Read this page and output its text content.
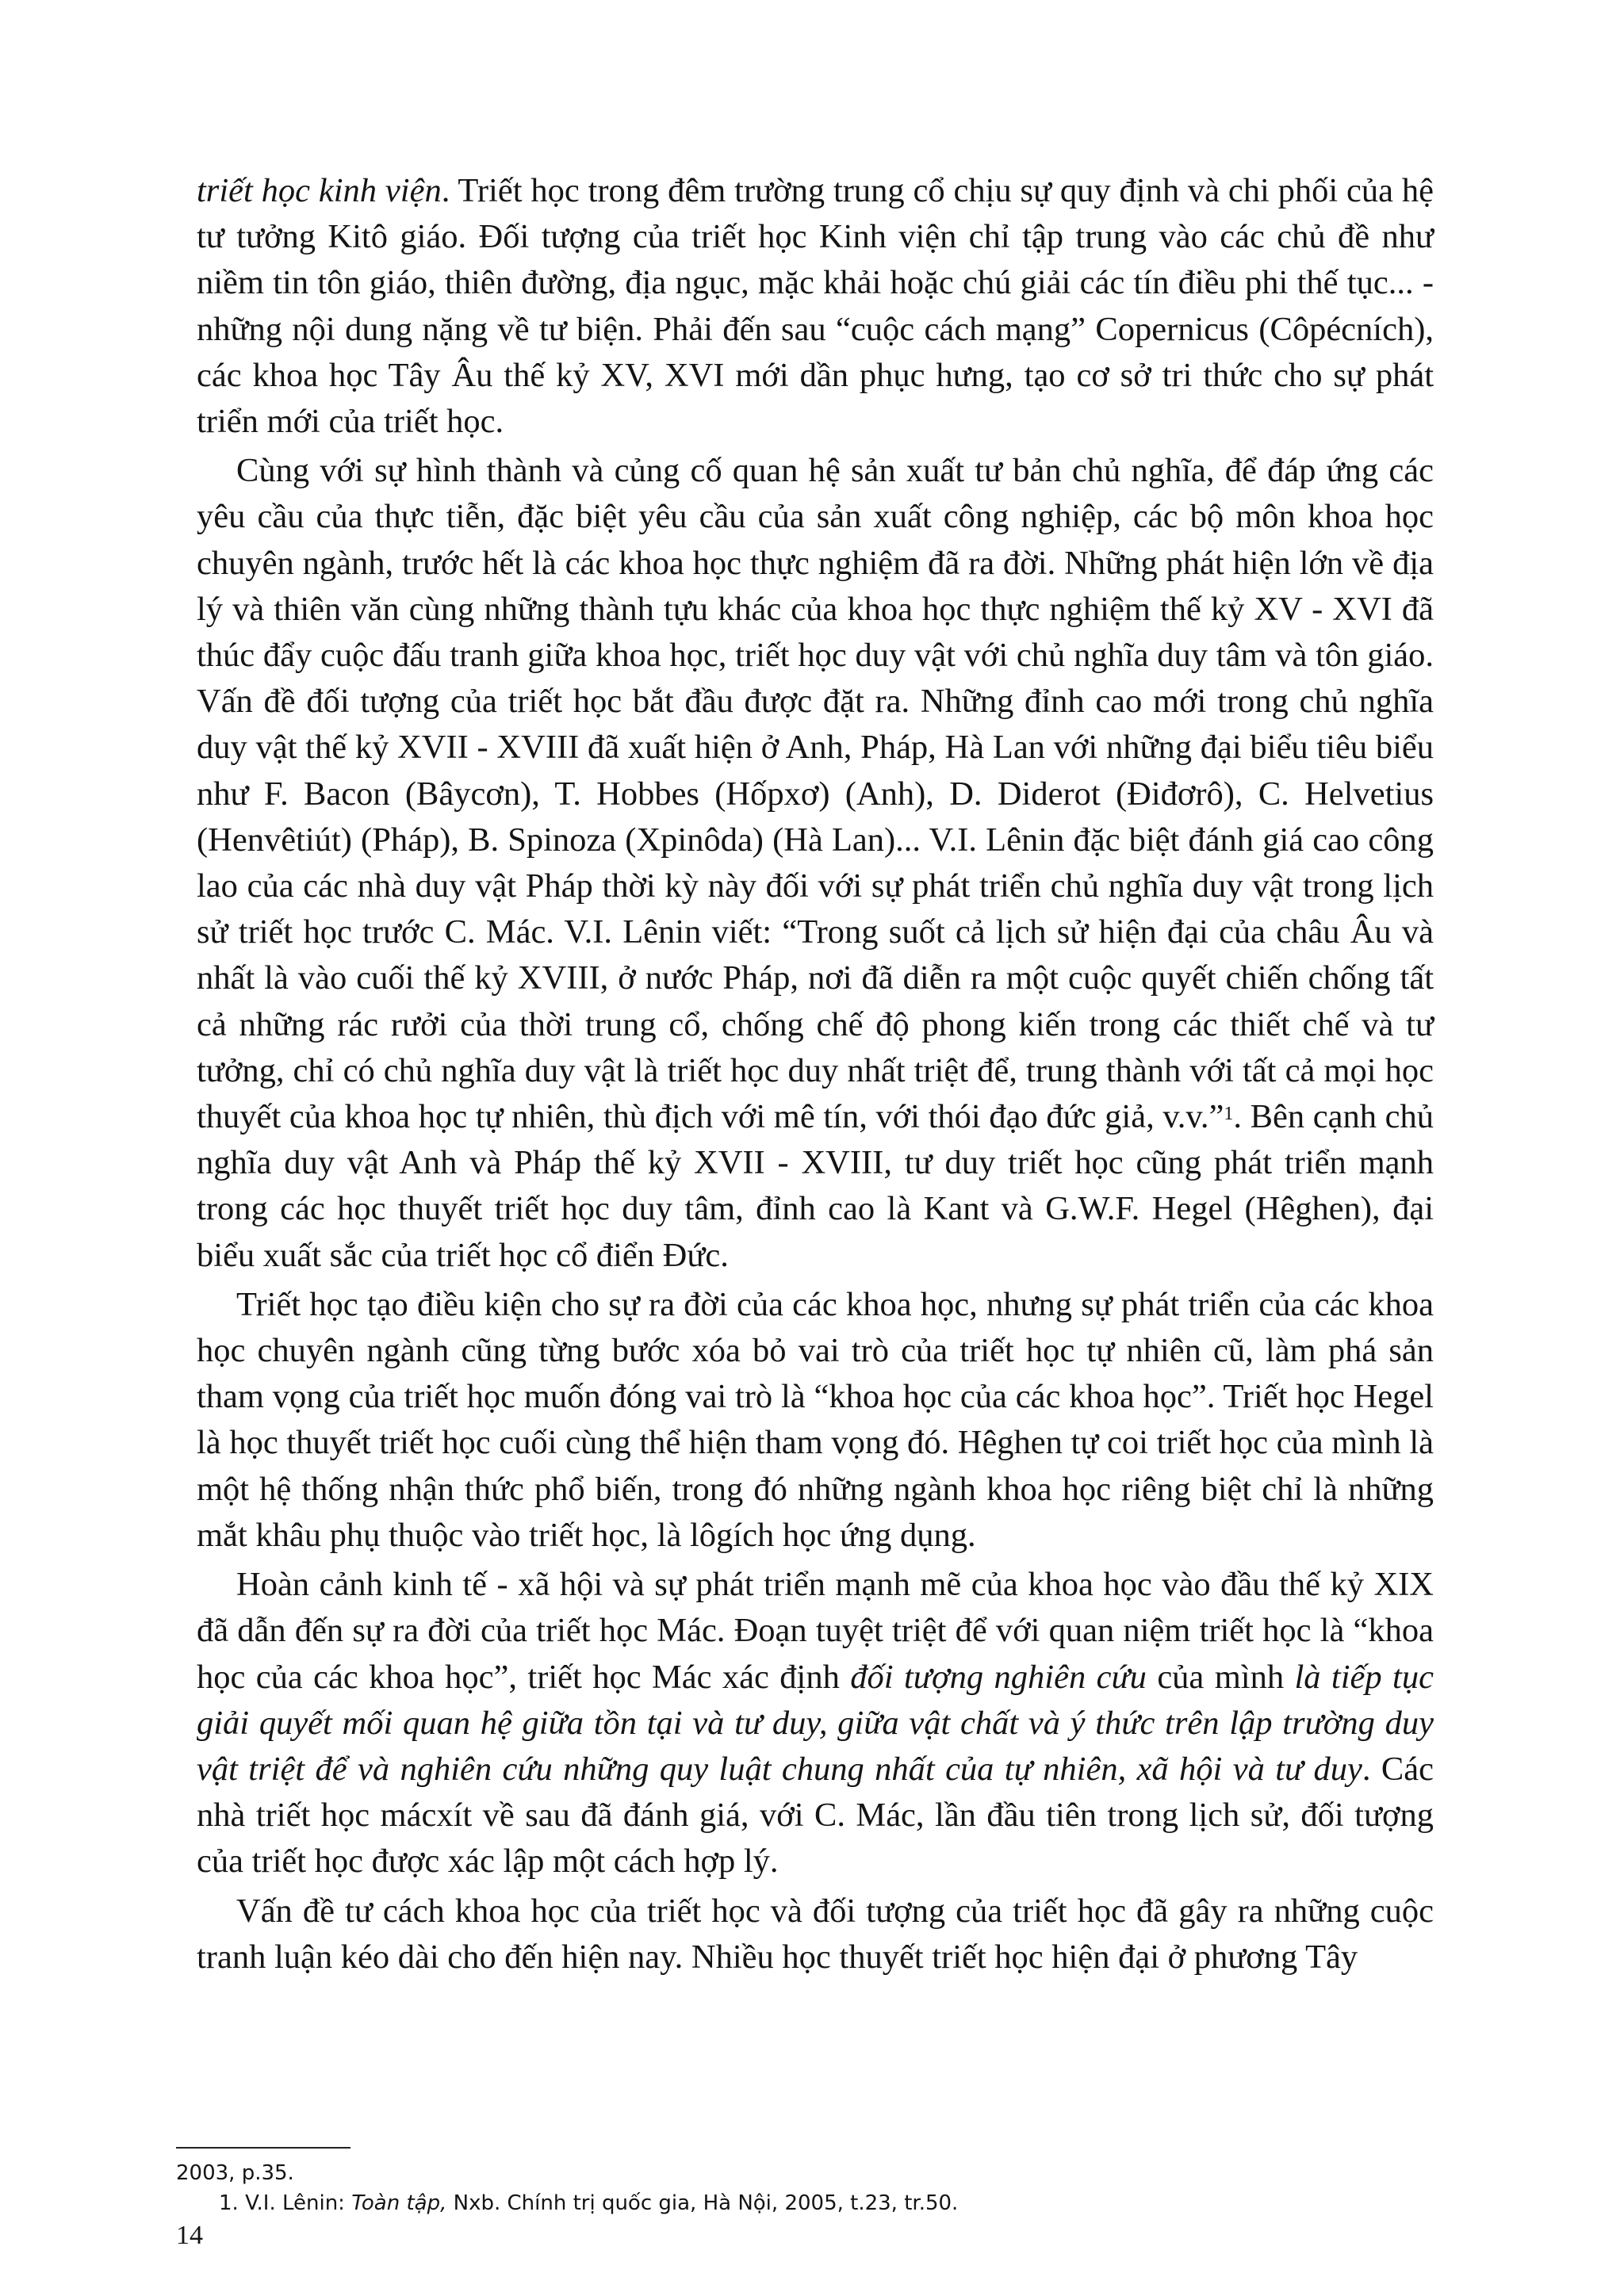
triết học kinh viện. Triết học trong đêm trường trung cổ chịu sự quy định và chi phối của hệ tư tưởng Kitô giáo. Đối tượng của triết học Kinh viện chỉ tập trung vào các chủ đề như niềm tin tôn giáo, thiên đường, địa ngục, mặc khải hoặc chú giải các tín điều phi thế tục... - những nội dung nặng về tư biện. Phải đến sau “cuộc cách mạng” Copernicus (Côpécních), các khoa học Tây Âu thế kỷ XV, XVI mới dần phục hưng, tạo cơ sở tri thức cho sự phát triển mới của triết học.

Cùng với sự hình thành và củng cố quan hệ sản xuất tư bản chủ nghĩa, để đáp ứng các yêu cầu của thực tiễn, đặc biệt yêu cầu của sản xuất công nghiệp, các bộ môn khoa học chuyên ngành, trước hết là các khoa học thực nghiệm đã ra đời. Những phát hiện lớn về địa lý và thiên văn cùng những thành tựu khác của khoa học thực nghiệm thế kỷ XV - XVI đã thúc đẩy cuộc đấu tranh giữa khoa học, triết học duy vật với chủ nghĩa duy tâm và tôn giáo. Vấn đề đối tượng của triết học bắt đầu được đặt ra. Những đỉnh cao mới trong chủ nghĩa duy vật thế kỷ XVII - XVIII đã xuất hiện ở Anh, Pháp, Hà Lan với những đại biểu tiêu biểu như F. Bacon (Bâycơn), T. Hobbes (Hốpxơ) (Anh), D. Diderot (Điđơrô), C. Helvetius (Henvêtiút) (Pháp), B. Spinoza (Xpinôda) (Hà Lan)... V.I. Lênin đặc biệt đánh giá cao công lao của các nhà duy vật Pháp thời kỳ này đối với sự phát triển chủ nghĩa duy vật trong lịch sử triết học trước C. Mác. V.I. Lênin viết: “Trong suốt cả lịch sử hiện đại của châu Âu và nhất là vào cuối thế kỷ XVIII, ở nước Pháp, nơi đã diễn ra một cuộc quyết chiến chống tất cả những rác rưởi của thời trung cổ, chống chế độ phong kiến trong các thiết chế và tư tưởng, chỉ có chủ nghĩa duy vật là triết học duy nhất triệt để, trung thành với tất cả mọi học thuyết của khoa học tự nhiên, thù địch với mê tín, với thói đạo đức giả, v.v.”$^1$. Bên cạnh chủ nghĩa duy vật Anh và Pháp thế kỷ XVII - XVIII, tư duy triết học cũng phát triển mạnh trong các học thuyết triết học duy tâm, đỉnh cao là Kant và G.W.F. Hegel (Hêghen), đại biểu xuất sắc của triết học cổ điển Đức.

Triết học tạo điều kiện cho sự ra đời của các khoa học, nhưng sự phát triển của các khoa học chuyên ngành cũng từng bước xóa bỏ vai trò của triết học tự nhiên cũ, làm phá sản tham vọng của triết học muốn đóng vai trò là “khoa học của các khoa học”. Triết học Hegel là học thuyết triết học cuối cùng thể hiện tham vọng đó. Hêghen tự coi triết học của mình là một hệ thống nhận thức phổ biến, trong đó những ngành khoa học riêng biệt chỉ là những mắt khâu phụ thuộc vào triết học, là lôgích học ứng dụng.

Hoàn cảnh kinh tế - xã hội và sự phát triển mạnh mẽ của khoa học vào đầu thế kỷ XIX đã dẫn đến sự ra đời của triết học Mác. Đoạn tuyệt triệt để với quan niệm triết học là “khoa học của các khoa học”, triết học Mác xác định đối tượng nghiên cứu của mình là tiếp tục giải quyết mối quan hệ giữa tồn tại và tư duy, giữa vật chất và ý thức trên lập trường duy vật triệt để và nghiên cứu những quy luật chung nhất của tự nhiên, xã hội và tư duy. Các nhà triết học mácxít về sau đã đánh giá, với C. Mác, lần đầu tiên trong lịch sử, đối tượng của triết học được xác lập một cách hợp lý.

Vấn đề tư cách khoa học của triết học và đối tượng của triết học đã gây ra những cuộc tranh luận kéo dài cho đến hiện nay. Nhiều học thuyết triết học hiện đại ở phương Tây

2003, p.35.
1. V.I. Lênin: Toàn tập, Nxb. Chính trị quốc gia, Hà Nội, 2005, t.23, tr.50.
14
